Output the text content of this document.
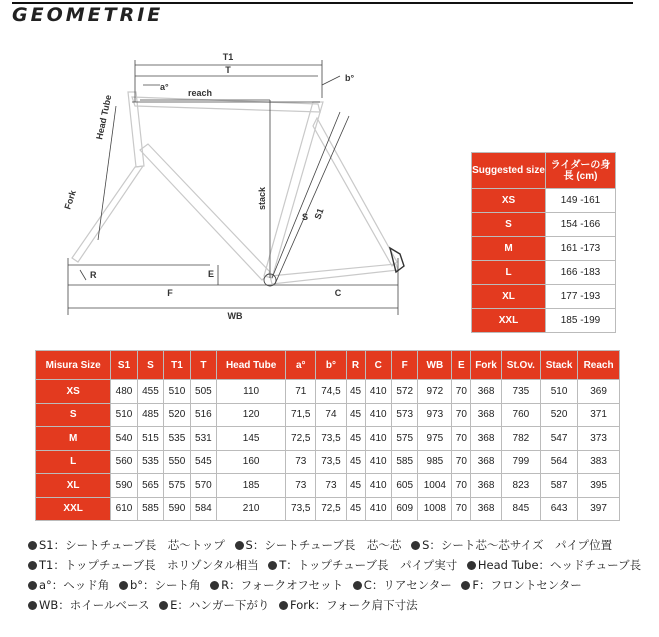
GEOMETRIE
T1
T
b°
a°
reach
Head Tube
Fork	stack
S S1
R	E
F	C
WB
Suggested size	ライダーの身長 (cm)
XS	149 -161
S	154 -166
M	161 -173
L	166 -183
XL	177 -193
XXL	185 -199
Misura Size	S1	S	T1	T	Head Tube	a°	b°	R	C	F	WB	E	Fork	St.Ov.	Stack	Reach
XS	480	455	510	505	110	71	74,5	45	410	572	972	70	368	735	510	369
S	510	485	520	516	120	71,5	74	45	410	573	973	70	368	760	520	371
M	540	515	535	531	145	72,5	73,5	45	410	575	975	70	368	782	547	373
L	560	535	550	545	160	73	73,5	45	410	585	985	70	368	799	564	383
XL	590	565	575	570	185	73	73	45	410	605	1004	70	368	823	587	395
XXL	610	585	590	584	210	73,5	72,5	45	410	609	1008	70	368	845	643	397
S1：シートチューブ長　芯～トップ S：シートチューブ長　芯～芯 S：シート芯～芯サイズ　パイプ位置 T1：トップチューブ長　ホリゾンタル相当 T：トップチューブ長　パイプ実寸 Head Tube：ヘッドチューブ長 a°：ヘッド角 b°：シート角 R：フォークオフセット C：リアセンター F：フロントセンター WB：ホイールベース E：ハンガー下がり Fork：フォーク肩下寸法
